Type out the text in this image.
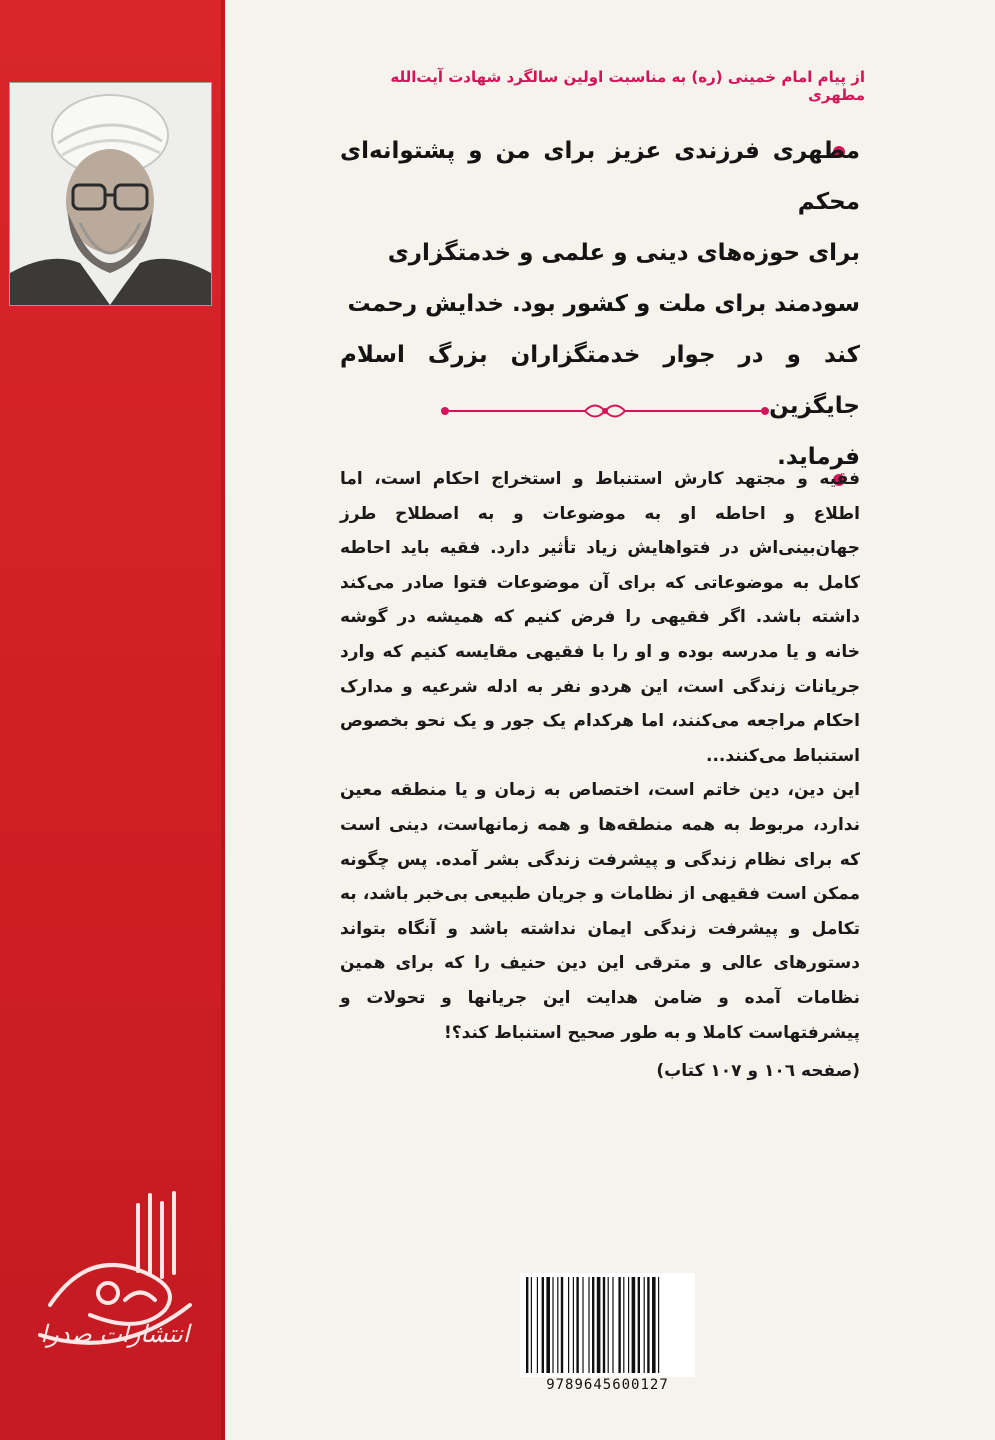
از پیام امام خمینی (ره) به مناسبت اولین سالگرد شهادت آیت‌الله مطهری
مطهری فرزندی عزیز برای من و پشتوانه‌ای محکم
برای حوزه‌های دینی و علمی و خدمتگزاری
سودمند برای ملت و کشور بود. خدایش رحمت
کند و در جوار خدمتگزاران بزرگ اسلام جایگزین
فرماید.

فقیه و مجتهد کارش استنباط و استخراج احکام است، اما اطلاع و احاطه او به موضوعات و به اصطلاح طرز جهان‌بینی‌اش در فتواهایش زیاد تأثیر دارد. فقیه باید احاطه کامل به موضوعاتی که برای آن موضوعات فتوا صادر می‌کند داشته باشد. اگر فقیهی را فرض کنیم که همیشه در گوشه خانه و یا مدرسه بوده و او را با فقیهی مقایسه کنیم که وارد جریانات زندگی است، این هردو نفر به ادله شرعیه و مدارک احکام مراجعه می‌کنند، اما هرکدام یک جور و یک نحو بخصوص استنباط می‌کنند...

این دین، دین خاتم است، اختصاص به زمان و یا منطقه معین ندارد، مربوط به همه منطقه‌ها و همه زمانهاست، دینی است که برای نظام زندگی و پیشرفت زندگی بشر آمده. پس چگونه ممکن است فقیهی از نظامات و جریان طبیعی بی‌خبر باشد، به تکامل و پیشرفت زندگی ایمان نداشته باشد و آنگاه بتواند دستورهای عالی و مترقی این دین حنیف را که برای همین نظامات آمده و ضامن هدایت این جریانها و تحولات و پیشرفتهاست کاملا و به طور صحیح استنباط کند؟!

(صفحه ١٠٦ و ١٠٧ کتاب)
انتشارات صدرا
9789645600127
